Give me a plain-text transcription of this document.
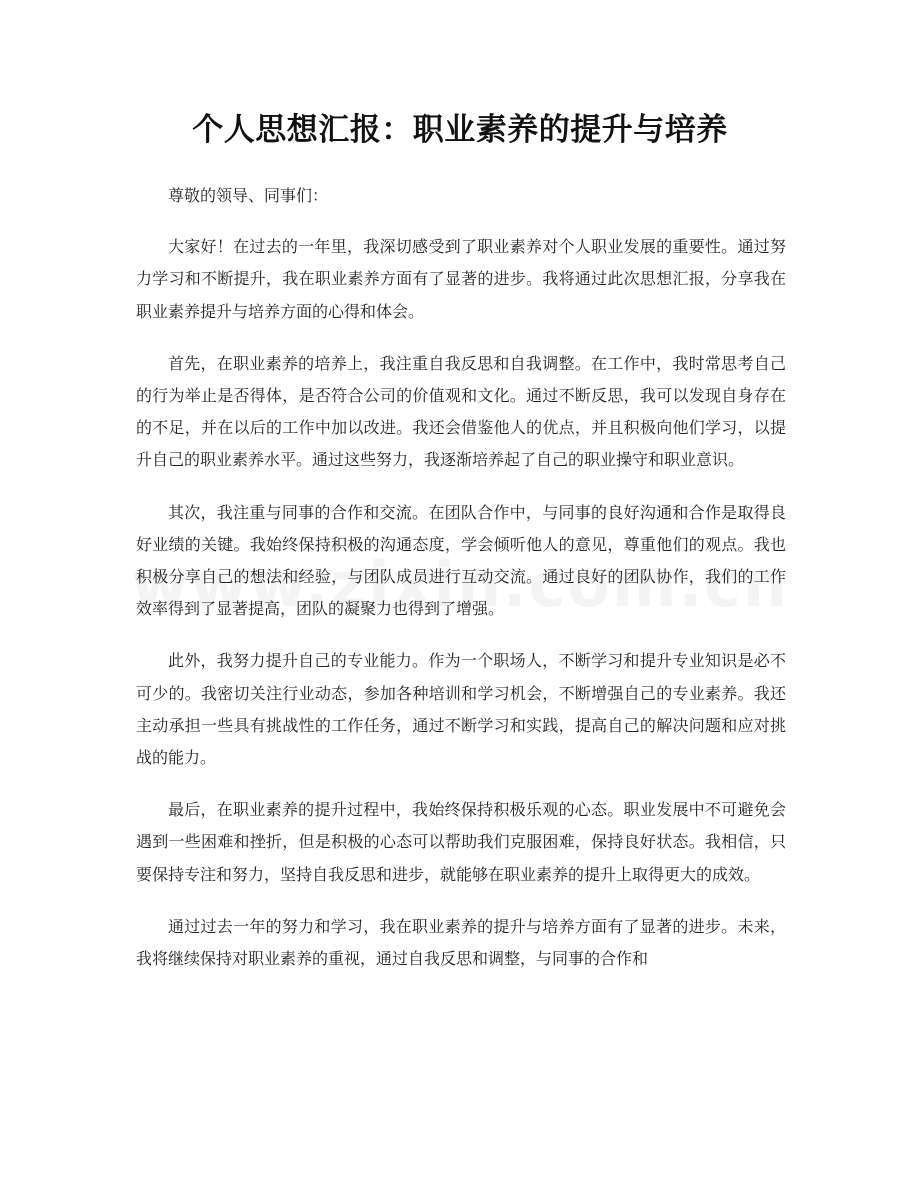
个人思想汇报：职业素养的提升与培养

尊敬的领导、同事们：

大家好！在过去的一年里，我深切感受到了职业素养对个人职业发展的重要性。通过努力学习和不断提升，我在职业素养方面有了显著的进步。我将通过此次思想汇报，分享我在职业素养提升与培养方面的心得和体会。

首先，在职业素养的培养上，我注重自我反思和自我调整。在工作中，我时常思考自己的行为举止是否得体，是否符合公司的价值观和文化。通过不断反思，我可以发现自身存在的不足，并在以后的工作中加以改进。我还会借鉴他人的优点，并且积极向他们学习，以提升自己的职业素养水平。通过这些努力，我逐渐培养起了自己的职业操守和职业意识。

其次，我注重与同事的合作和交流。在团队合作中，与同事的良好沟通和合作是取得良好业绩的关键。我始终保持积极的沟通态度，学会倾听他人的意见，尊重他们的观点。我也积极分享自己的想法和经验，与团队成员进行互动交流。通过良好的团队协作，我们的工作效率得到了显著提高，团队的凝聚力也得到了增强。

此外，我努力提升自己的专业能力。作为一个职场人，不断学习和提升专业知识是必不可少的。我密切关注行业动态，参加各种培训和学习机会，不断增强自己的专业素养。我还主动承担一些具有挑战性的工作任务，通过不断学习和实践，提高自己的解决问题和应对挑战的能力。

最后，在职业素养的提升过程中，我始终保持积极乐观的心态。职业发展中不可避免会遇到一些困难和挫折，但是积极的心态可以帮助我们克服困难，保持良好状态。我相信，只要保持专注和努力，坚持自我反思和进步，就能够在职业素养的提升上取得更大的成效。

通过过去一年的努力和学习，我在职业素养的提升与培养方面有了显著的进步。未来，我将继续保持对职业素养的重视，通过自我反思和调整，与同事的合作和
